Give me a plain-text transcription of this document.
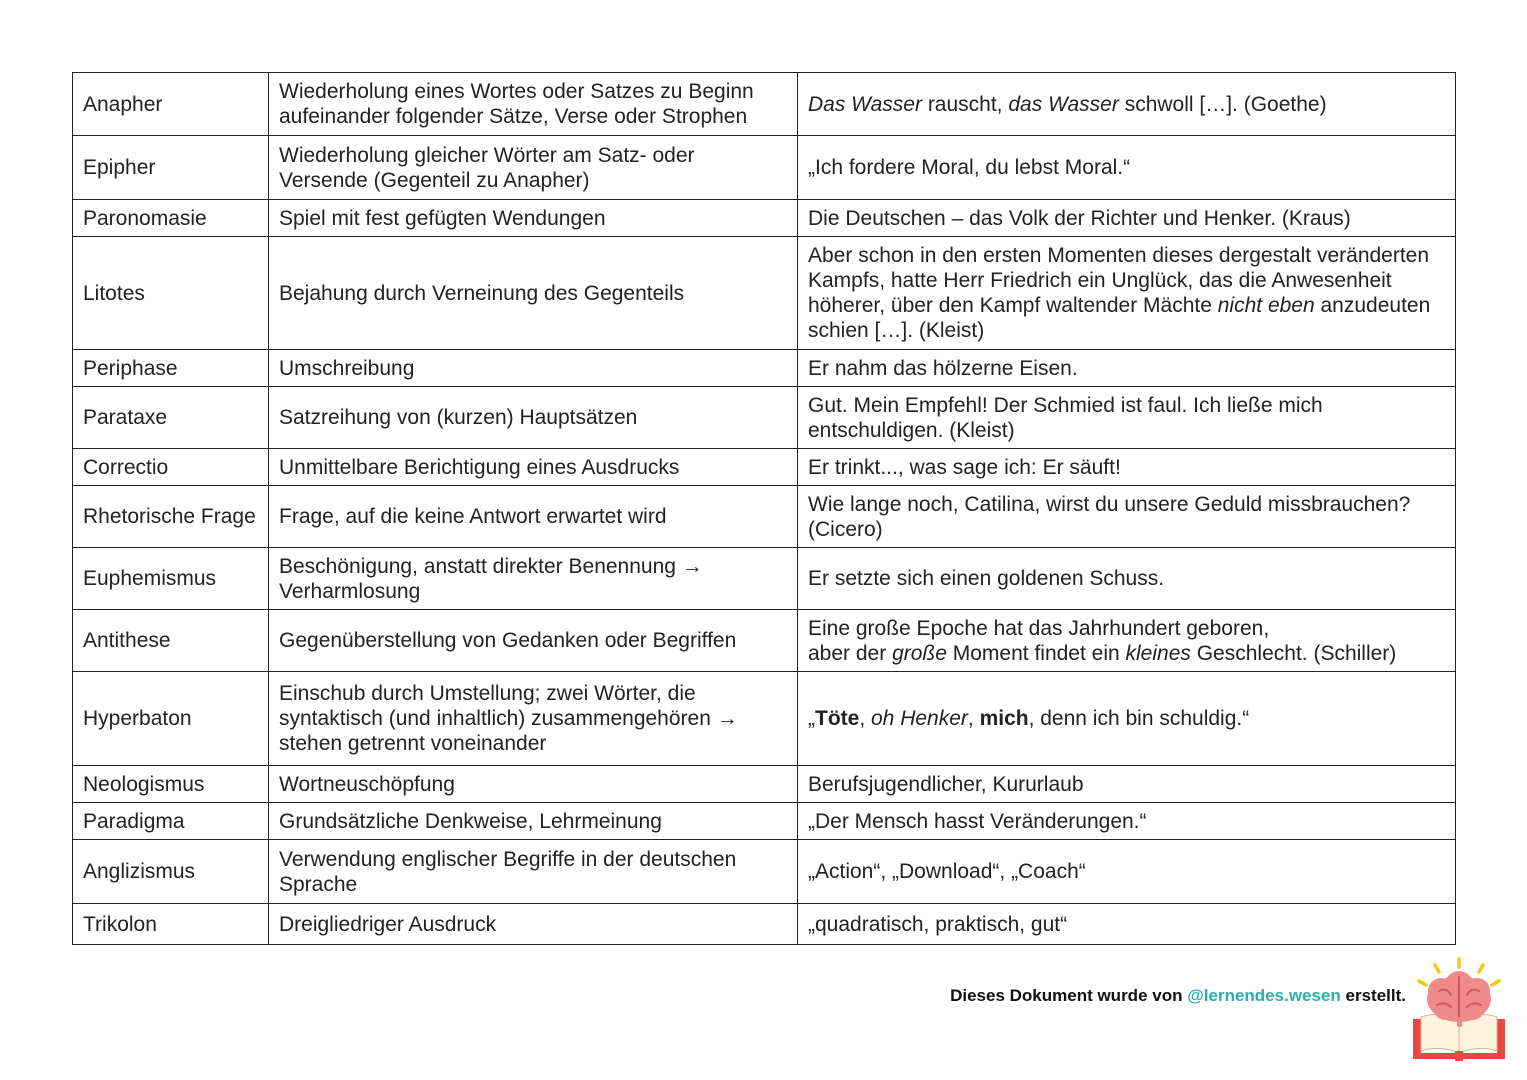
Anapher	Wiederholung eines Wortes oder Satzes zu Beginn aufeinander folgender Sätze, Verse oder Strophen	Das Wasser rauscht, das Wasser schwoll […]. (Goethe)
Epipher	Wiederholung gleicher Wörter am Satz- oder Versende (Gegenteil zu Anapher)	„Ich fordere Moral, du lebst Moral.“
Paronomasie	Spiel mit fest gefügten Wendungen	Die Deutschen – das Volk der Richter und Henker. (Kraus)
Litotes	Bejahung durch Verneinung des Gegenteils	Aber schon in den ersten Momenten dieses dergestalt veränderten Kampfs, hatte Herr Friedrich ein Unglück, das die Anwesenheit höherer, über den Kampf waltender Mächte nicht eben anzudeuten schien […]. (Kleist)
Periphase	Umschreibung	Er nahm das hölzerne Eisen.
Parataxe	Satzreihung von (kurzen) Hauptsätzen	Gut. Mein Empfehl! Der Schmied ist faul. Ich ließe mich entschuldigen. (Kleist)
Correctio	Unmittelbare Berichtigung eines Ausdrucks	Er trinkt..., was sage ich: Er säuft!
Rhetorische Frage	Frage, auf die keine Antwort erwartet wird	Wie lange noch, Catilina, wirst du unsere Geduld missbrauchen? (Cicero)
Euphemismus	Beschönigung, anstatt direkter Benennung → Verharmlosung	Er setzte sich einen goldenen Schuss.
Antithese	Gegenüberstellung von Gedanken oder Begriffen	Eine große Epoche hat das Jahrhundert geboren,
aber der große Moment findet ein kleines Geschlecht. (Schiller)
Hyperbaton	Einschub durch Umstellung; zwei Wörter, die syntaktisch (und inhaltlich) zusammengehören → stehen getrennt voneinander	„Töte, oh Henker, mich, denn ich bin schuldig.“
Neologismus	Wortneuschöpfung	Berufsjugendlicher, Kururlaub
Paradigma	Grundsätzliche Denkweise, Lehrmeinung	„Der Mensch hasst Veränderungen.“
Anglizismus	Verwendung englischer Begriffe in der deutschen Sprache	„Action“, „Download“, „Coach“
Trikolon	Dreigliedriger Ausdruck	„quadratisch, praktisch, gut“
Dieses Dokument wurde von @lernendes.wesen erstellt.
